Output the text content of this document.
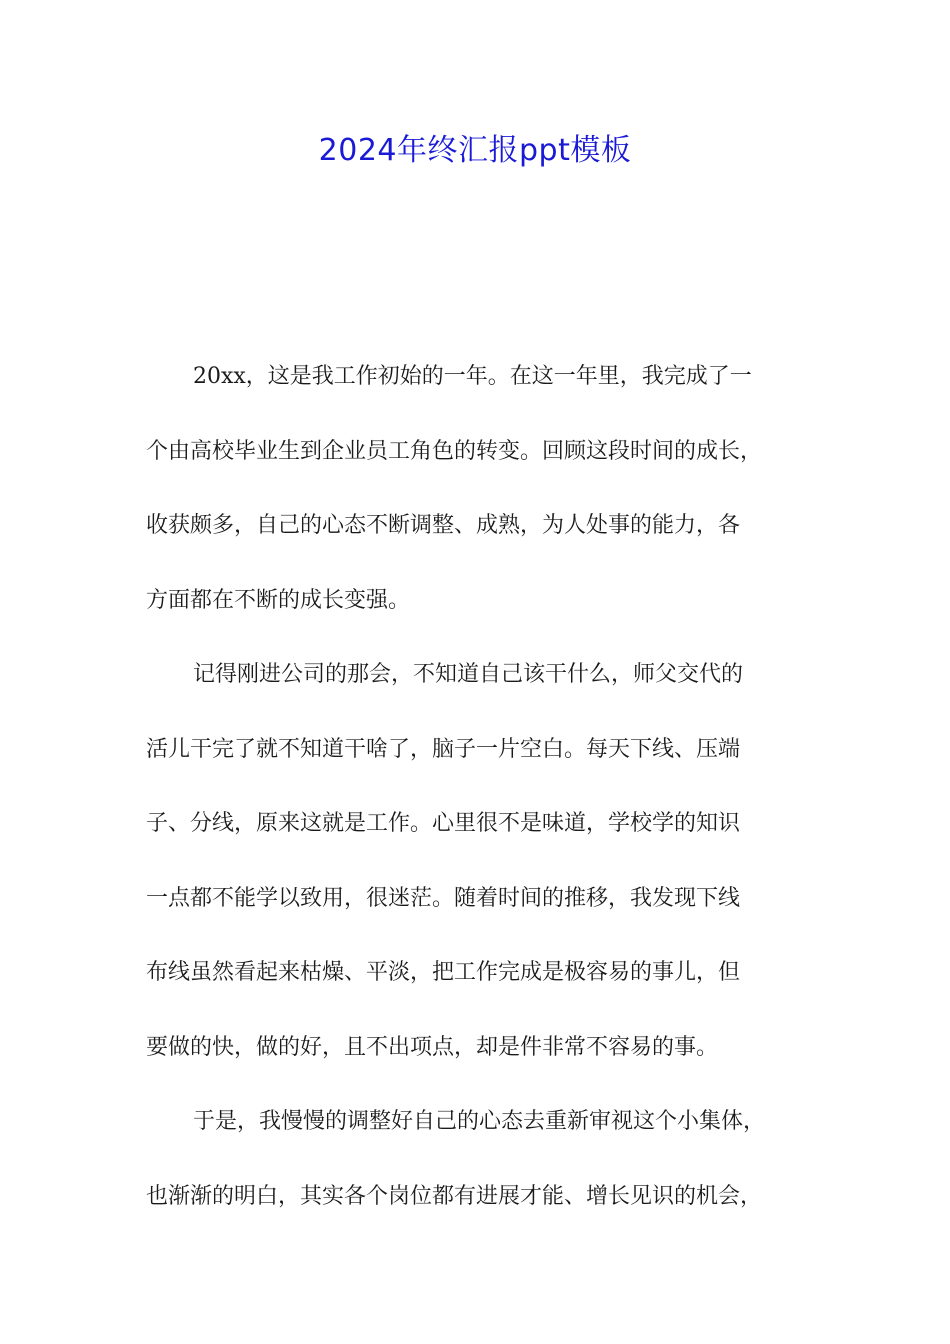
2024年终汇报ppt模板
20xx，这是我工作初始的一年。在这一年里，我完成了一
个由高校毕业生到企业员工角色的转变。回顾这段时间的成长，
收获颇多，自己的心态不断调整、成熟，为人处事的能力，各
方面都在不断的成长变强。
记得刚进公司的那会，不知道自己该干什么，师父交代的
活儿干完了就不知道干啥了，脑子一片空白。每天下线、压端
子、分线，原来这就是工作。心里很不是味道，学校学的知识
一点都不能学以致用，很迷茫。随着时间的推移，我发现下线
布线虽然看起来枯燥、平淡，把工作完成是极容易的事儿，但
要做的快，做的好，且不出项点，却是件非常不容易的事。
于是，我慢慢的调整好自己的心态去重新审视这个小集体，
也渐渐的明白，其实各个岗位都有进展才能、增长见识的机会，
